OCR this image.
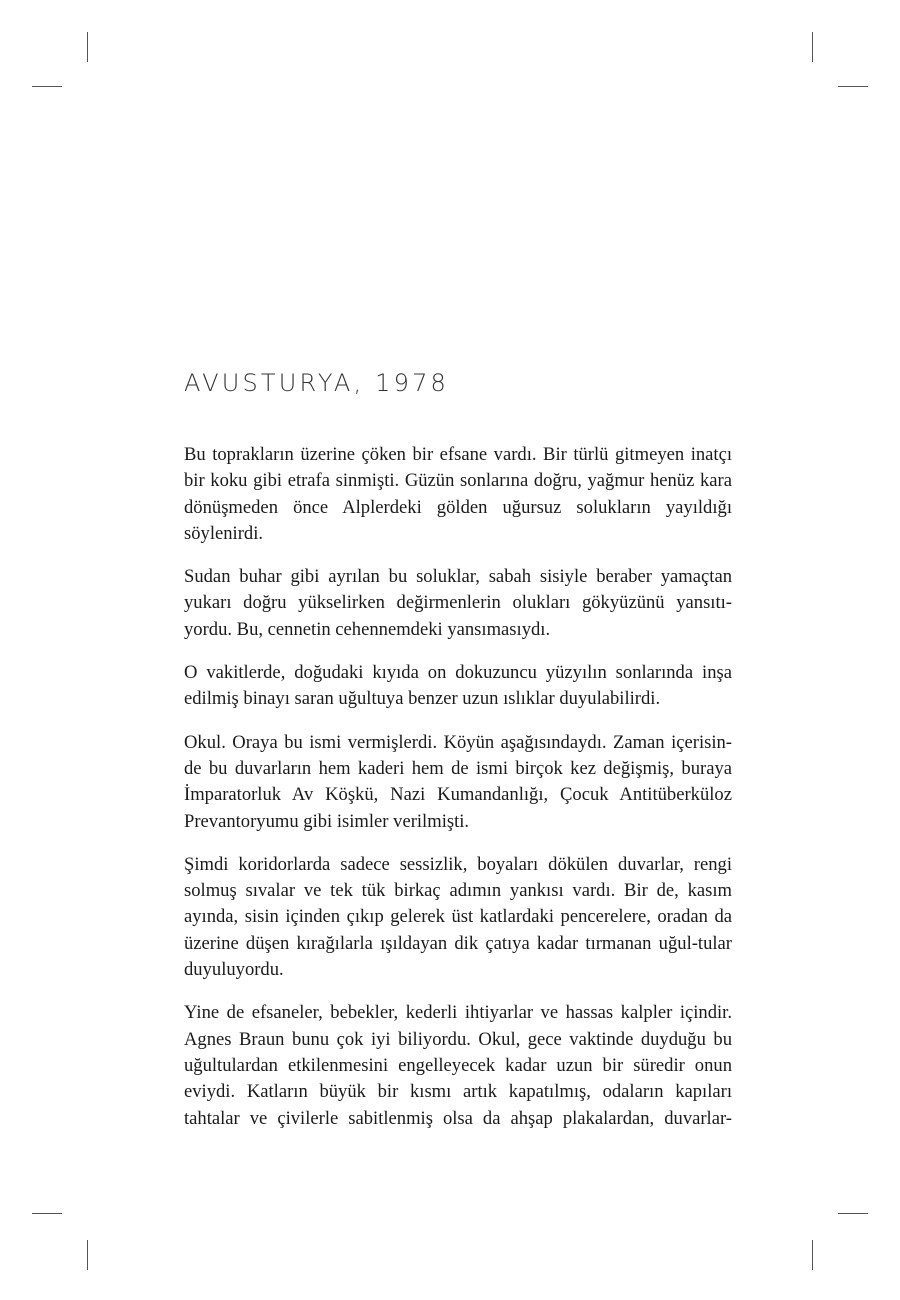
AVUSTURYA, 1978

Bu toprakların üzerine çöken bir efsane vardı. Bir türlü gitmeyen inatçı bir koku gibi etrafa sinmişti. Güzün sonlarına doğru, yağmur henüz kara dönüşmeden önce Alplerdeki gölden uğursuz solukların yayıldığı söylenirdi.

Sudan buhar gibi ayrılan bu soluklar, sabah sisiyle beraber yamaçtan yukarı doğru yükselirken değirmenlerin olukları gökyüzünü yansıtı-yordu. Bu, cennetin cehennemdeki yansımasıydı.

O vakitlerde, doğudaki kıyıda on dokuzuncu yüzyılın sonlarında inşa edilmiş binayı saran uğultuya benzer uzun ıslıklar duyulabilirdi.

Okul. Oraya bu ismi vermişlerdi. Köyün aşağısındaydı. Zaman içerisin-de bu duvarların hem kaderi hem de ismi birçok kez değişmiş, buraya İmparatorluk Av Köşkü, Nazi Kumandanlığı, Çocuk Antitüberküloz Prevantoryumu gibi isimler verilmişti.

Şimdi koridorlarda sadece sessizlik, boyaları dökülen duvarlar, rengi solmuş sıvalar ve tek tük birkaç adımın yankısı vardı. Bir de, kasım ayında, sisin içinden çıkıp gelerek üst katlardaki pencerelere, oradan da üzerine düşen kırağılarla ışıldayan dik çatıya kadar tırmanan uğul-tular duyuluyordu.

Yine de efsaneler, bebekler, kederli ihtiyarlar ve hassas kalpler içindir. Agnes Braun bunu çok iyi biliyordu. Okul, gece vaktinde duyduğu bu uğultulardan etkilenmesini engelleyecek kadar uzun bir süredir onun eviydi. Katların büyük bir kısmı artık kapatılmış, odaların kapıları tahtalar ve çivilerle sabitlenmiş olsa da ahşap plakalardan, duvarlar-
